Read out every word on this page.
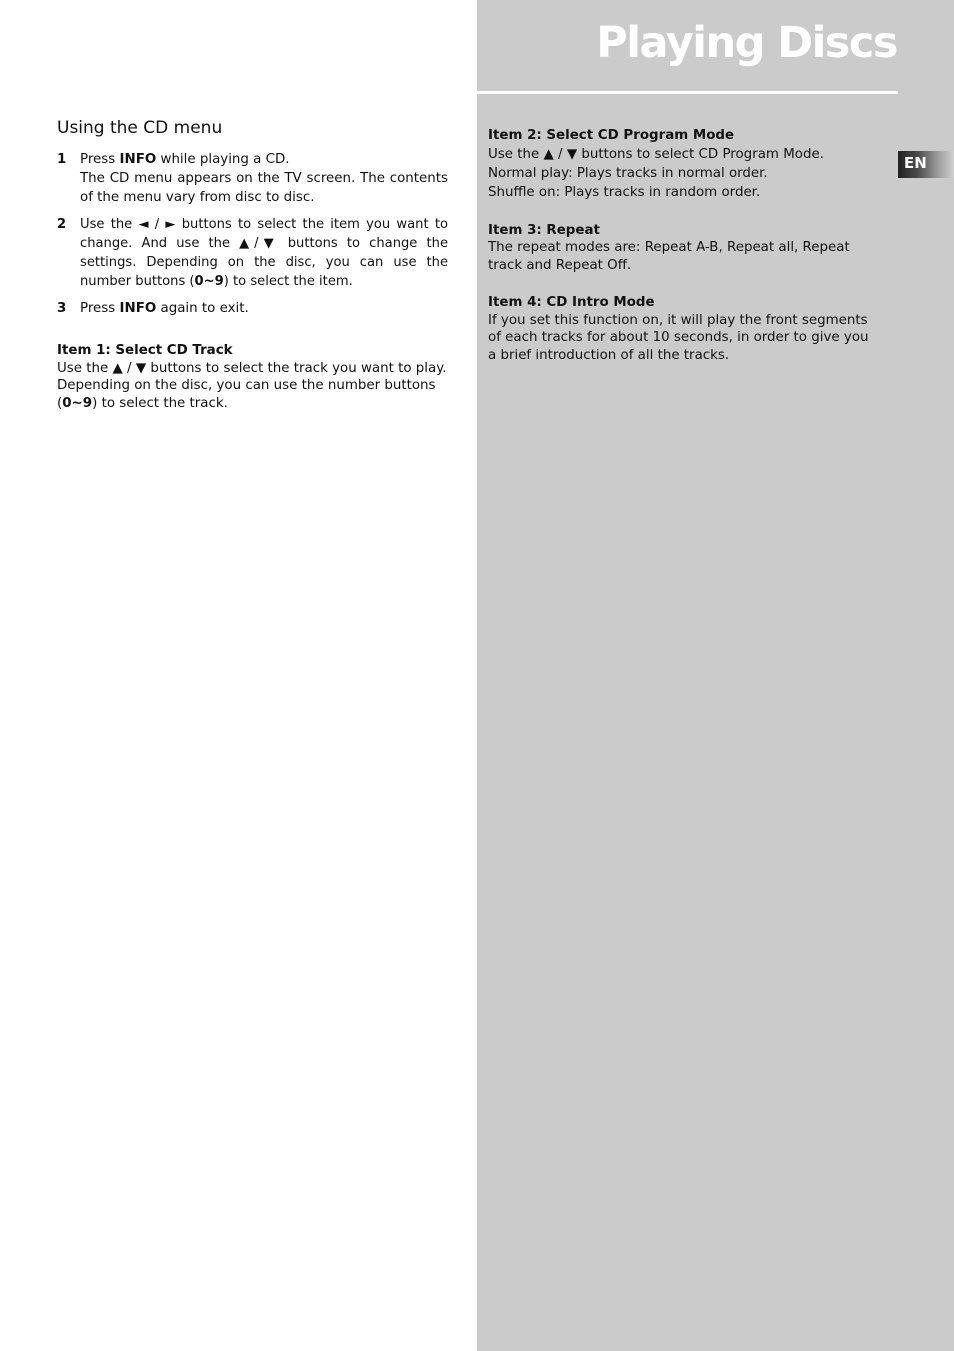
Playing Discs
EN
Using the CD menu
1 Press INFO while playing a CD.

The CD menu appears on the TV screen. The contents of the menu vary from disc to disc.

2 Use the ◄ / ► buttons to select the item you want to change. And use the ▲/▼ buttons to change the settings. Depending on the disc, you can use the number buttons (0~9) to select the item.

3 Press INFO again to exit.

Item 1: Select CD Track

Use the ▲ / ▼ buttons to select the track you want to play. Depending on the disc, you can use the number buttons (0~9) to select the track.

Item 2: Select CD Program Mode

Use the ▲ / ▼ buttons to select CD Program Mode.

Normal play: Plays tracks in normal order.

Shuffle on: Plays tracks in random order.

Item 3: Repeat

The repeat modes are: Repeat A-B, Repeat all, Repeat track and Repeat Off.

Item 4: CD Intro Mode

If you set this function on, it will play the front segments of each tracks for about 10 seconds, in order to give you a brief introduction of all the tracks.
